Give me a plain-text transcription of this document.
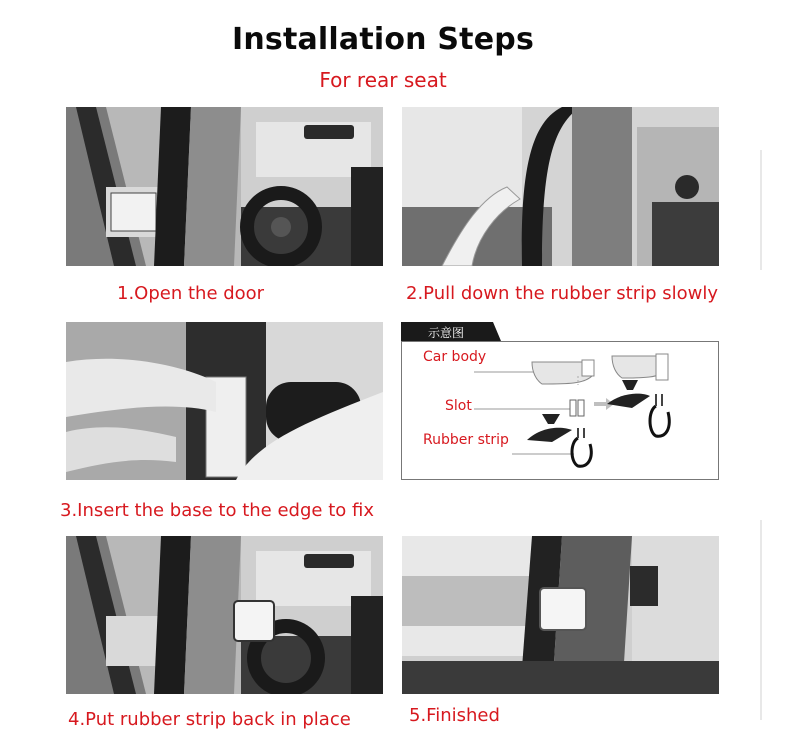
Installation Steps
For rear seat
1.Open the door	2.Pull down the rubber strip slowly
示意图
Car body
Slot
Rubber strip
3.Insert the base to the edge to fix
4.Put rubber strip back in place	5.Finished
